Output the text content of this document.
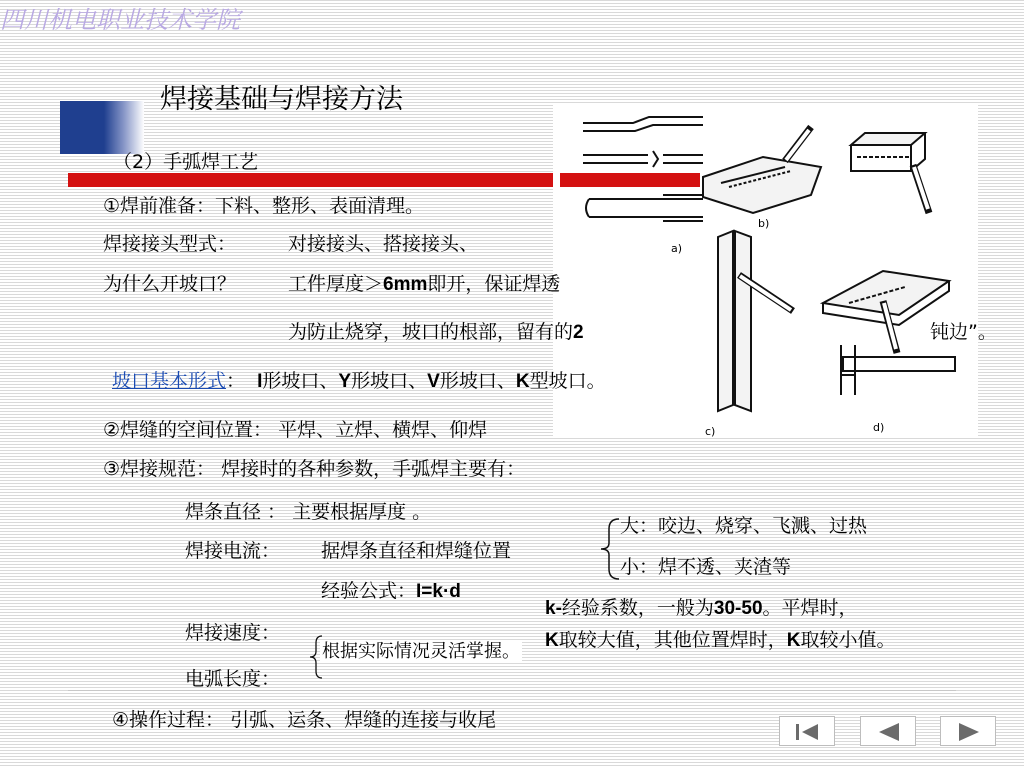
焊接基础与焊接方法
a)
b)
c)	d)
（2）手弧焊工艺
①焊前准备：下料、整形、表面清理。
焊接接头型式：	对接接头、搭接接头、
为什么开坡口？	工件厚度＞6mm即开，保证焊透
为防止烧穿，坡口的根部，留有的2	钝边”。
坡口基本形式： I形坡口、Y形坡口、V形坡口、K型坡口。
②焊缝的空间位置： 平焊、立焊、横焊、仰焊
③焊接规范： 焊接时的各种参数，手弧焊主要有：
焊条直径 ： 主要根据厚度 。
焊接电流： 据焊条直径和焊缝位置
大：咬边、烧穿、飞溅、过热
小：焊不透、夹渣等
经验公式：I=k·d
k-经验系数，一般为30-50。平焊时，
K取较大值，其他位置焊时，K取较小值。
焊接速度：
电弧长度：
根据实际情况灵活掌握。
④操作过程： 引弧、运条、焊缝的连接与收尾
四川机电职业技术学院
